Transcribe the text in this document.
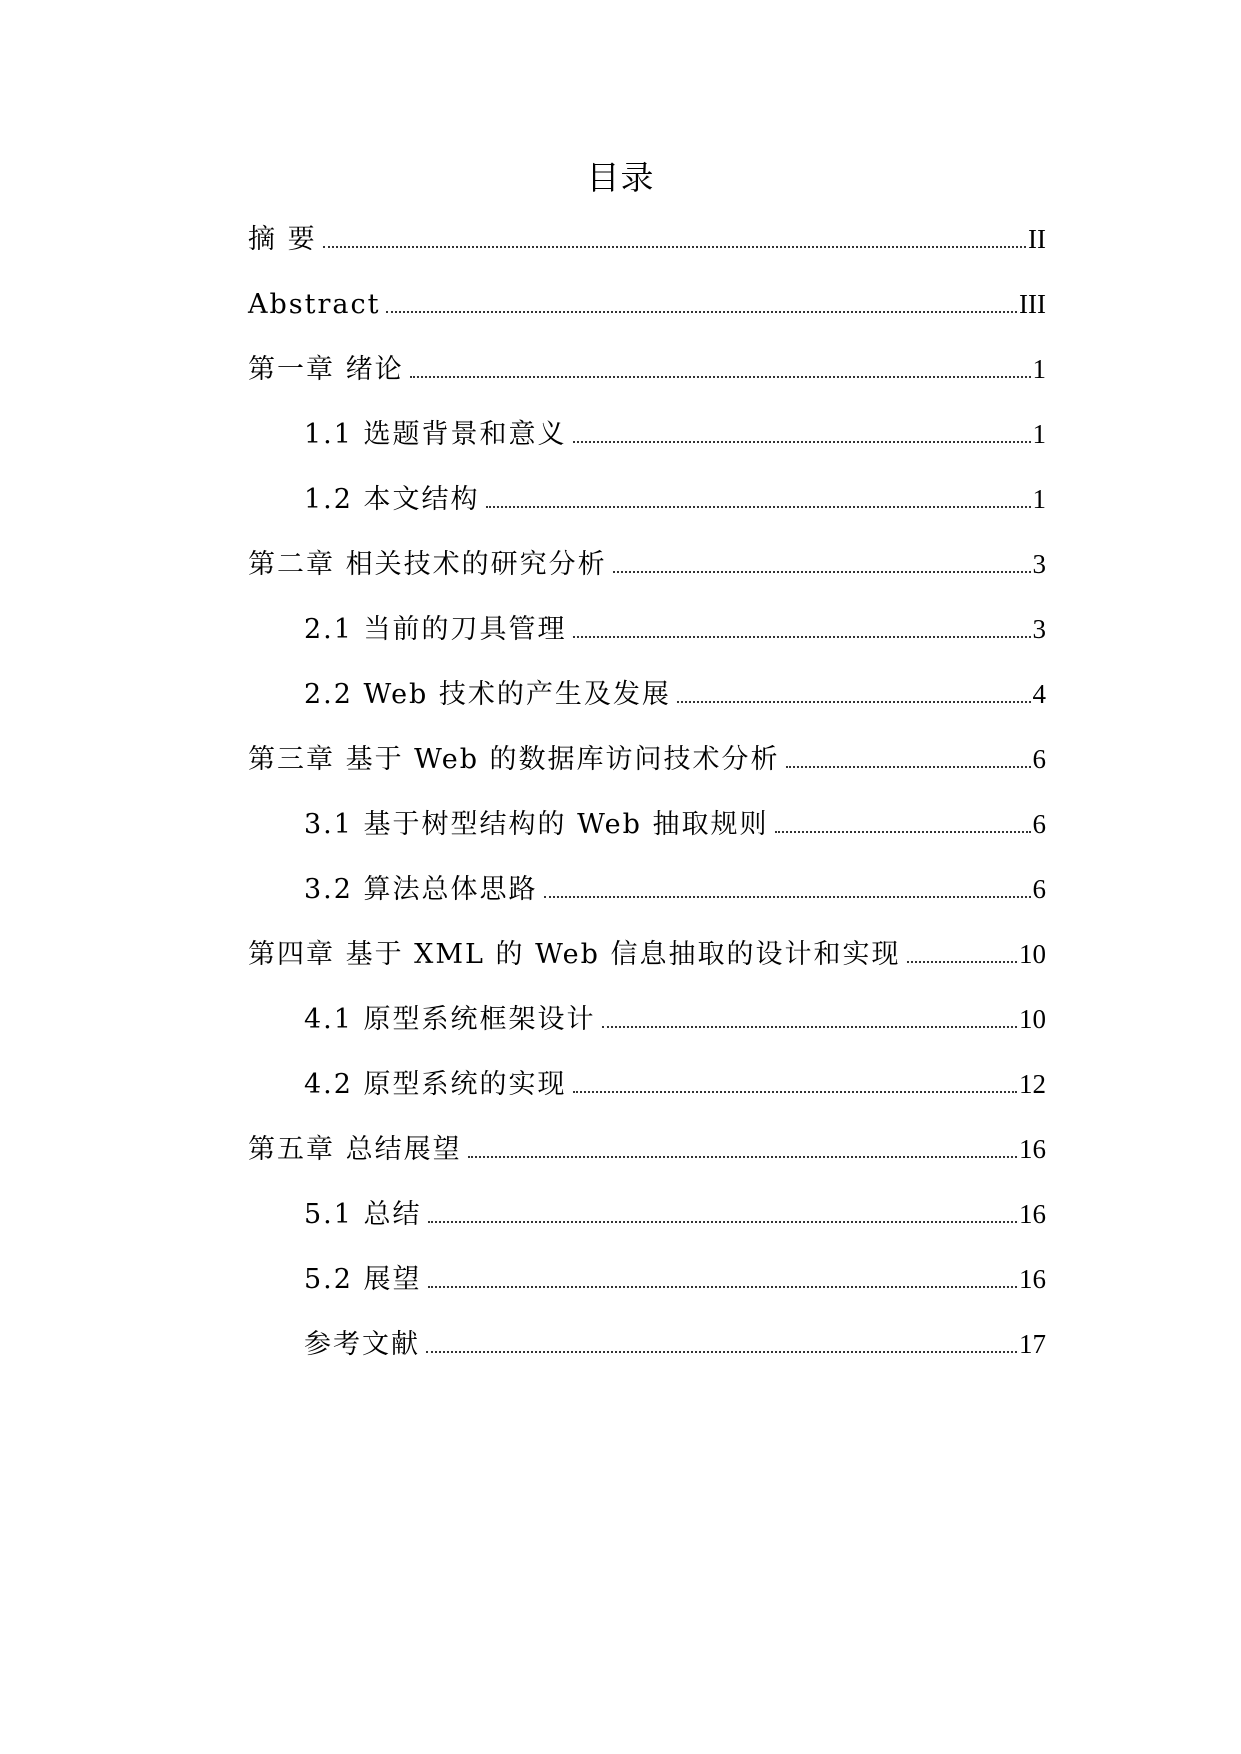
目录
摘 要	II
Abstract	III
第一章 绪论	1
1.1 选题背景和意义	1
1.2 本文结构	1
第二章 相关技术的研究分析	3
2.1 当前的刀具管理	3
2.2 Web 技术的产生及发展	4
第三章 基于 Web 的数据库访问技术分析	6
3.1 基于树型结构的 Web 抽取规则	6
3.2 算法总体思路	6
第四章 基于 XML 的 Web 信息抽取的设计和实现	10
4.1 原型系统框架设计	10
4.2 原型系统的实现	12
第五章 总结展望	16
5.1 总结	16
5.2 展望	16
参考文献	17
